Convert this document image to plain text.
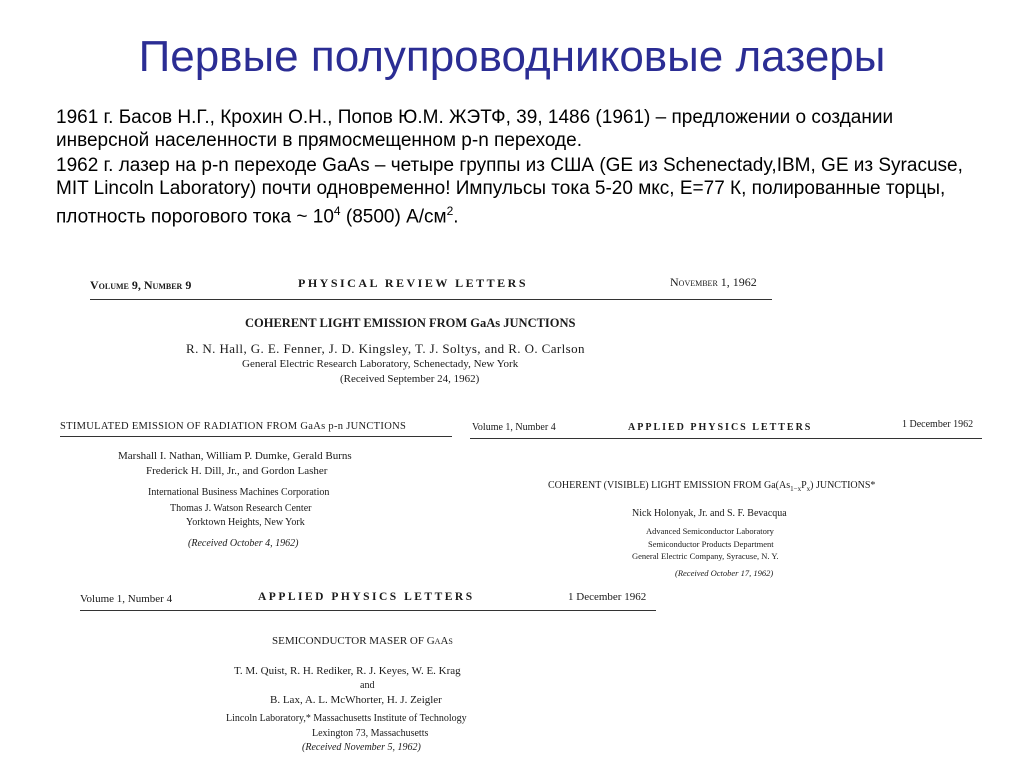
Первые полупроводниковые лазеры

1961 г. Басов Н.Г., Крохин О.Н., Попов Ю.М. ЖЭТФ, 39, 1486 (1961) – предложении о создании инверсной населенности в прямосмещенном p-n переходе.

1962 г. лазер на p-n переходе GaAs – четыре группы из США (GE из Schenectady,IBM, GE из Syracuse, MIT Lincoln Laboratory) почти одновременно! Импульсы тока 5-20 мкс, Е=77 К, полированные торцы, плотность порогового тока ~ $10^4$ (8500) $А/см^2$.

Volume 9, Number 9	PHYSICAL REVIEW LETTERS	November 1, 1962
COHERENT LIGHT EMISSION FROM GaAs JUNCTIONS
R. N. Hall, G. E. Fenner, J. D. Kingsley, T. J. Soltys, and R. O. Carlson
General Electric Research Laboratory, Schenectady, New York
(Received September 24, 1962)
STIMULATED EMISSION OF RADIATION FROM GaAs p-n JUNCTIONS
Marshall I. Nathan, William P. Dumke, Gerald Burns
Frederick H. Dill, Jr., and Gordon Lasher
International Business Machines Corporation
Thomas J. Watson Research Center
Yorktown Heights, New York
(Received October 4, 1962)
Volume 1, Number 4	APPLIED PHYSICS LETTERS	1 December 1962
COHERENT (VISIBLE) LIGHT EMISSION FROM $Ga(As_{1-x}P_x)$ JUNCTIONS*
Nick Holonyak, Jr. and S. F. Bevacqua
Advanced Semiconductor Laboratory
Semiconductor Products Department
General Electric Company, Syracuse, N. Y.
(Received October 17, 1962)
Volume 1, Number 4	APPLIED PHYSICS LETTERS	1 December 1962
SEMICONDUCTOR MASER OF GaAs
T. M. Quist, R. H. Rediker, R. J. Keyes, W. E. Krag
and
B. Lax, A. L. McWhorter, H. J. Zeigler
Lincoln Laboratory,* Massachusetts Institute of Technology
Lexington 73, Massachusetts
(Received November 5, 1962)
